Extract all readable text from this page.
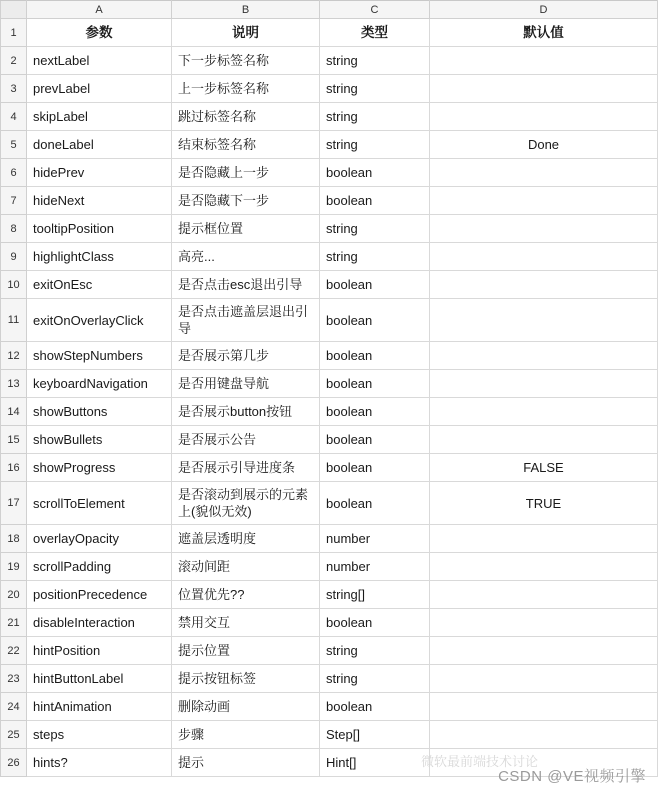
	A	B	C	D
1	参数	说明	类型	默认值
2	nextLabel	下一步标签名称	string	
3	prevLabel	上一步标签名称	string	
4	skipLabel	跳过标签名称	string	
5	doneLabel	结束标签名称	string	Done
6	hidePrev	是否隐藏上一步	boolean	
7	hideNext	是否隐藏下一步	boolean	
8	tooltipPosition	提示框位置	string	
9	highlightClass	高亮...	string	
10	exitOnEsc	是否点击esc退出引导	boolean	
11	exitOnOverlayClick	是否点击遮盖层退出引导	boolean	
12	showStepNumbers	是否展示第几步	boolean	
13	keyboardNavigation	是否用键盘导航	boolean	
14	showButtons	是否展示button按钮	boolean	
15	showBullets	是否展示公告	boolean	
16	showProgress	是否展示引导进度条	boolean	FALSE
17	scrollToElement	是否滚动到展示的元素上(貌似无效)	boolean	TRUE
18	overlayOpacity	遮盖层透明度	number	
19	scrollPadding	滚动间距	number	
20	positionPrecedence	位置优先??	string[]	
21	disableInteraction	禁用交互	boolean	
22	hintPosition	提示位置	string	
23	hintButtonLabel	提示按钮标签	string	
24	hintAnimation	删除动画	boolean	
25	steps	步骤	Step[]	
26	hints?	提示	Hint[]		微软最前端技术讨论
CSDN @VE视频引擎
